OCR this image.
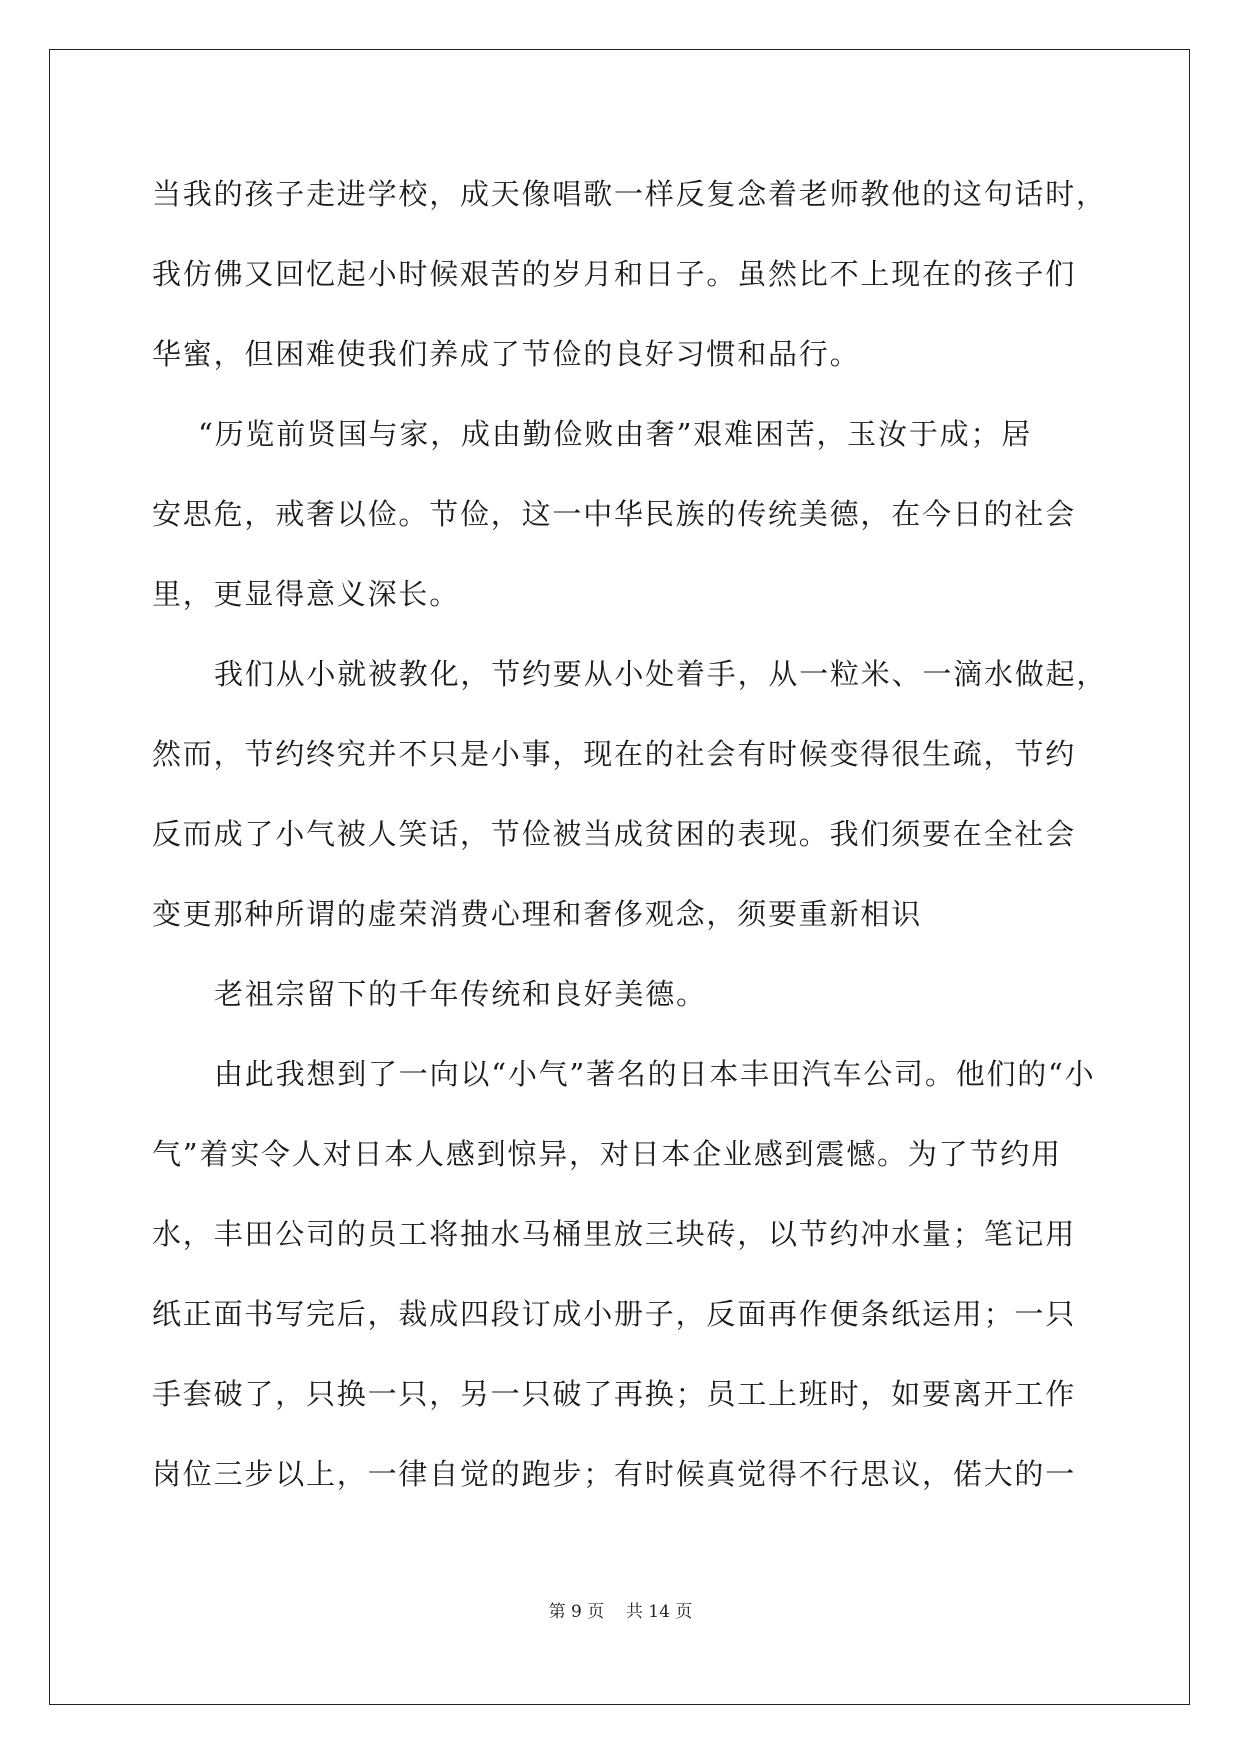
当我的孩子走进学校，成天像唱歌一样反复念着老师教他的这句话时，
我仿佛又回忆起小时候艰苦的岁月和日子。虽然比不上现在的孩子们
华蜜，但困难使我们养成了节俭的良好习惯和品行。
“历览前贤国与家，成由勤俭败由奢”艰难困苦，玉汝于成；居
安思危，戒奢以俭。节俭，这一中华民族的传统美德，在今日的社会
里，更显得意义深长。
我们从小就被教化，节约要从小处着手，从一粒米、一滴水做起，
然而，节约终究并不只是小事，现在的社会有时候变得很生疏，节约
反而成了小气被人笑话，节俭被当成贫困的表现。我们须要在全社会
变更那种所谓的虚荣消费心理和奢侈观念，须要重新相识
老祖宗留下的千年传统和良好美德。
由此我想到了一向以“小气”著名的日本丰田汽车公司。他们的“小
气”着实令人对日本人感到惊异，对日本企业感到震憾。为了节约用
水，丰田公司的员工将抽水马桶里放三块砖，以节约冲水量；笔记用
纸正面书写完后，裁成四段订成小册子，反面再作便条纸运用；一只
手套破了，只换一只，另一只破了再换；员工上班时，如要离开工作
岗位三步以上，一律自觉的跑步；有时候真觉得不行思议，偌大的一
第 9 页    共 14 页
